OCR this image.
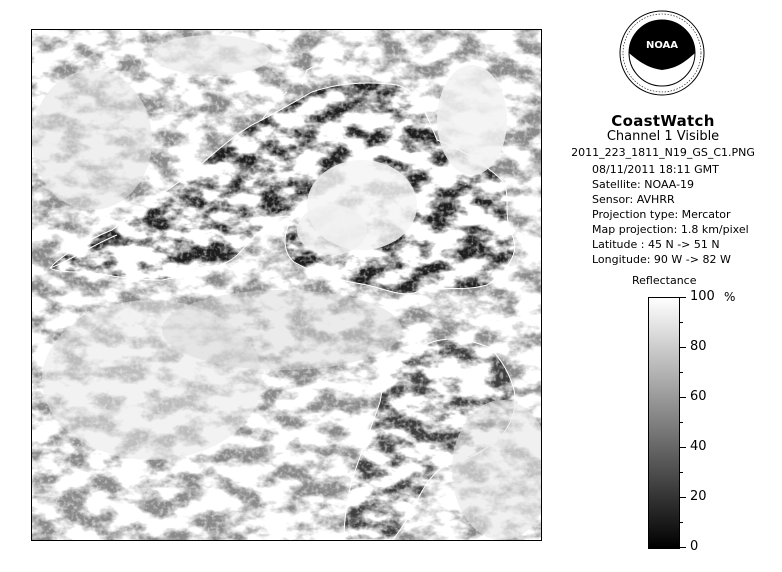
NOAA
CoastWatch
Channel 1 Visible
2011_223_1811_N19_GS_C1.PNG
08/11/2011 18:11 GMT
Satellite: NOAA-19
Sensor: AVHRR
Projection type: Mercator
Map projection: 1.8 km/pixel
Latitude : 45 N -> 51 N
Longitude: 90 W -> 82 W
Reflectance
100
80
60
40
20
0
%
